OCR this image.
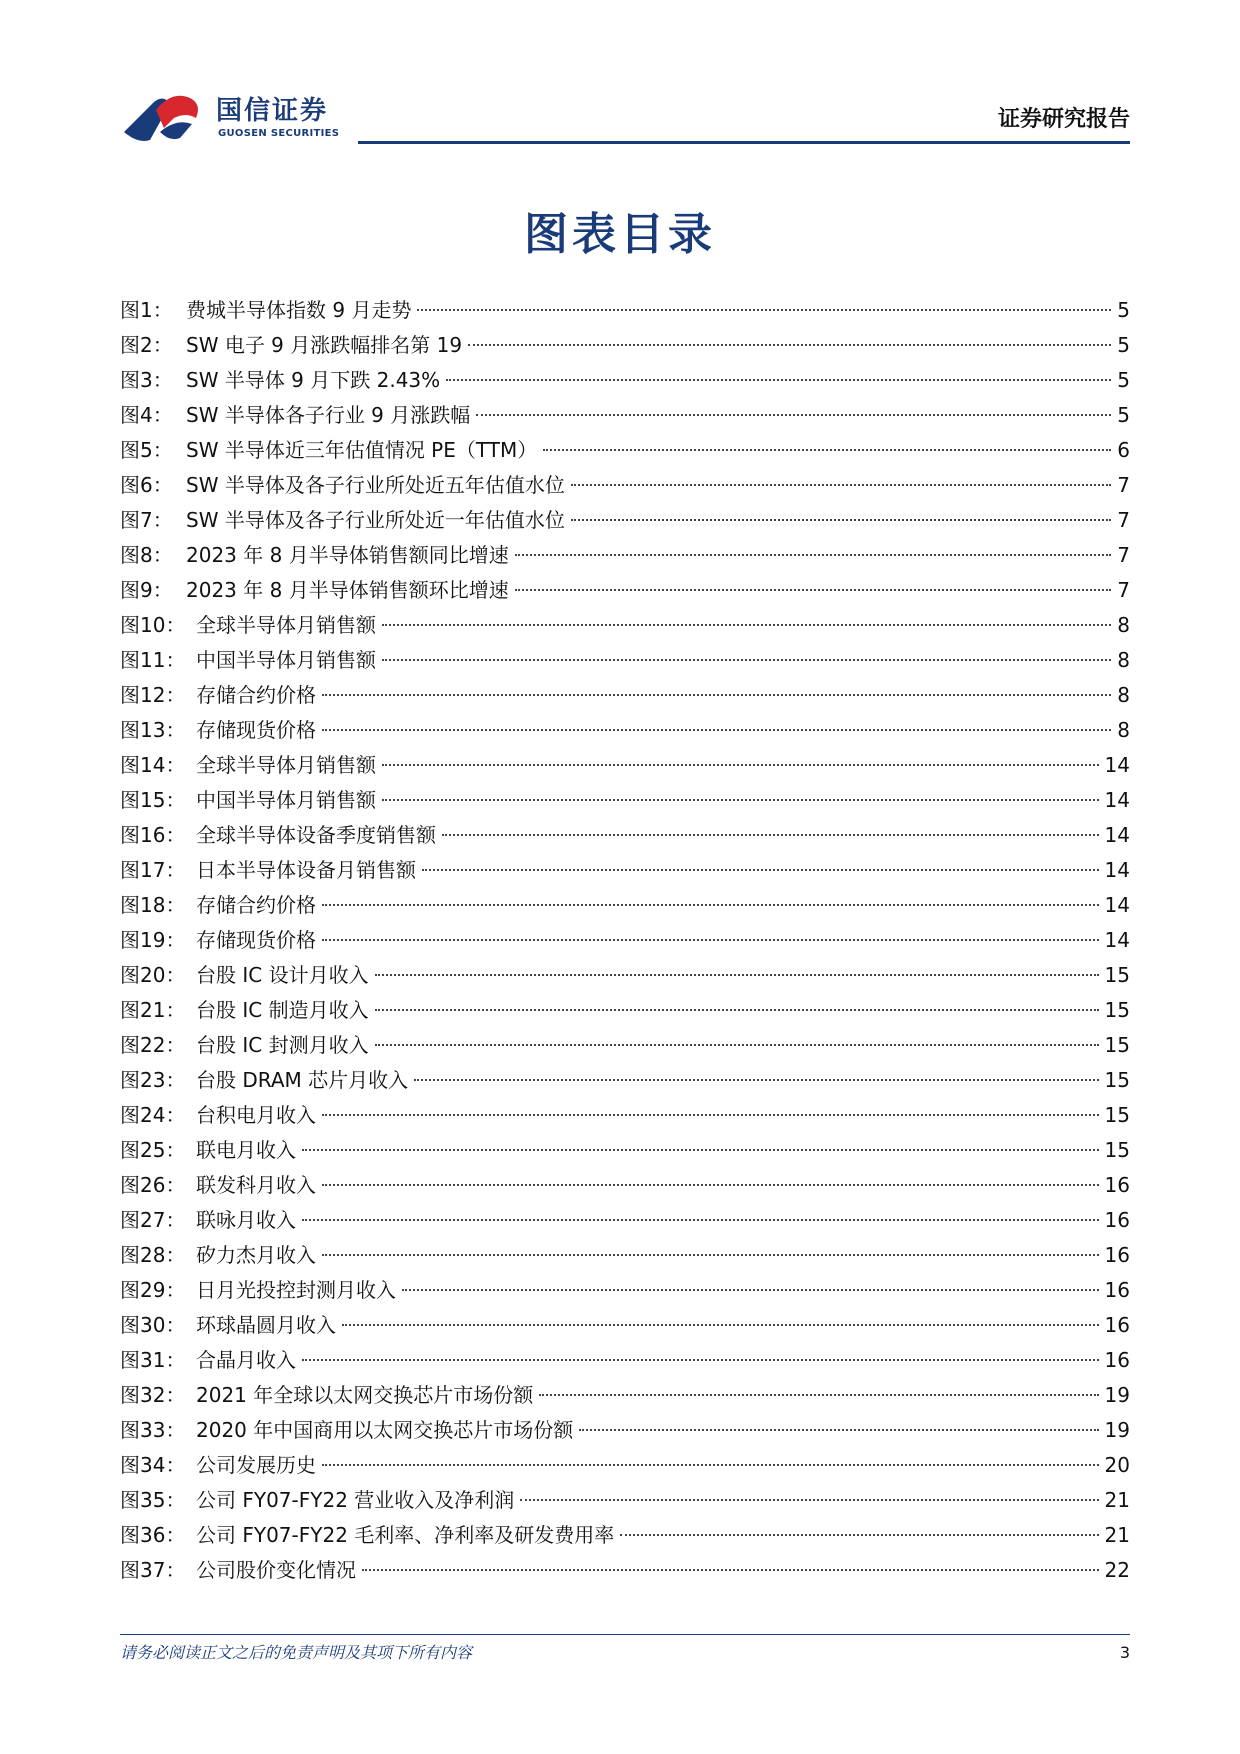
国信证券
GUOSEN SECURITIES
证券研究报告
图表目录
图1： 费城半导体指数 9 月走势	5
图2： SW 电子 9 月涨跌幅排名第 19	5
图3： SW 半导体 9 月下跌 2.43%	5
图4： SW 半导体各子行业 9 月涨跌幅	5
图5： SW 半导体近三年估值情况 PE（TTM）	6
图6： SW 半导体及各子行业所处近五年估值水位	7
图7： SW 半导体及各子行业所处近一年估值水位	7
图8： 2023 年 8 月半导体销售额同比增速	7
图9： 2023 年 8 月半导体销售额环比增速	7
图10： 全球半导体月销售额	8
图11： 中国半导体月销售额	8
图12： 存储合约价格	8
图13： 存储现货价格	8
图14： 全球半导体月销售额	14
图15： 中国半导体月销售额	14
图16： 全球半导体设备季度销售额	14
图17： 日本半导体设备月销售额	14
图18： 存储合约价格	14
图19： 存储现货价格	14
图20： 台股 IC 设计月收入	15
图21： 台股 IC 制造月收入	15
图22： 台股 IC 封测月收入	15
图23： 台股 DRAM 芯片月收入	15
图24： 台积电月收入	15
图25： 联电月收入	15
图26： 联发科月收入	16
图27： 联咏月收入	16
图28： 矽力杰月收入	16
图29： 日月光投控封测月收入	16
图30： 环球晶圆月收入	16
图31： 合晶月收入	16
图32： 2021 年全球以太网交换芯片市场份额	19
图33： 2020 年中国商用以太网交换芯片市场份额	19
图34： 公司发展历史	20
图35： 公司 FY07-FY22 营业收入及净利润	21
图36： 公司 FY07-FY22 毛利率、净利率及研发费用率	21
图37： 公司股价变化情况	22
请务必阅读正文之后的免责声明及其项下所有内容	3
